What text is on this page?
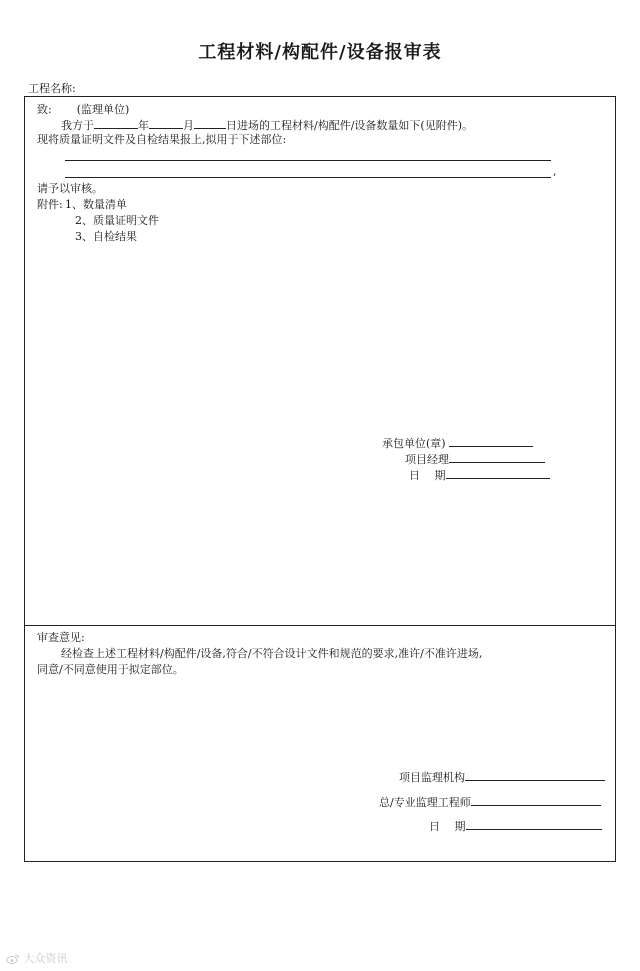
工程材料/构配件/设备报审表
工程名称:
致: (监理单位)
我方于	年	月	日进场的工程材料/构配件/设备数量如下(见附件)。
现将质量证明文件及自检结果报上,拟用于下述部位:
,
请予以审核。
附件: 1、数量清单
2、质量证明文件
3、自检结果
承包单位(章)
项目经理
日　 期
审查意见:
经检查上述工程材料/构配件/设备,符合/不符合设计文件和规范的要求,准许/不准许进场,
同意/不同意使用于拟定部位。
项目监理机构
总/专业监理工程师
日　 期
大众资讯
